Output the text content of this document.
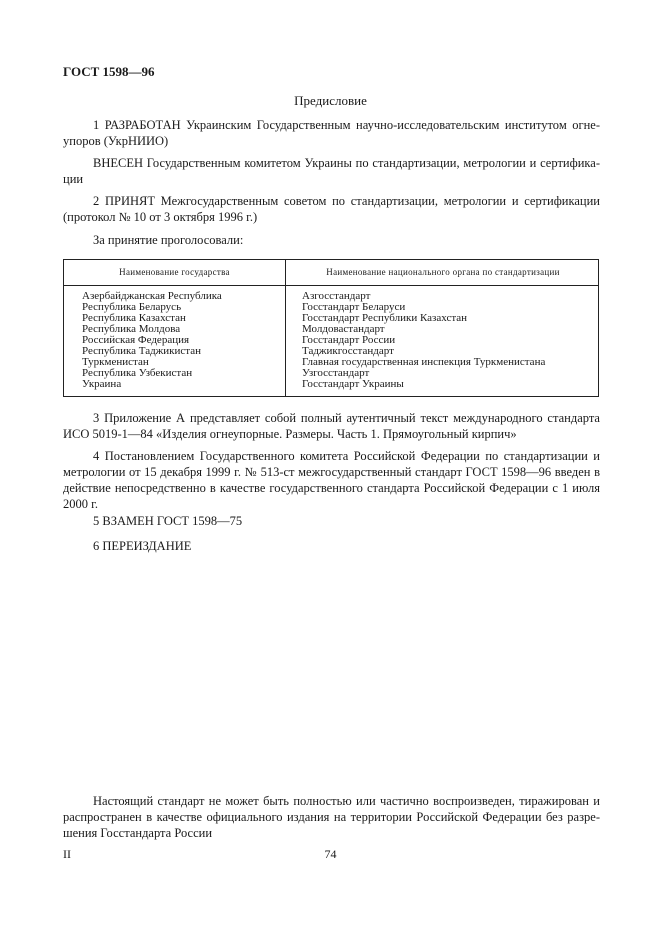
ГОСТ 1598—96
Предисловие
1 РАЗРАБОТАН Украинским Государственным научно-исследовательским институтом огнеупоров (УкрНИИО)
ВНЕСЕН Государственным комитетом Украины по стандартизации, метрологии и сертификации
2 ПРИНЯТ Межгосударственным советом по стандартизации, метрологии и сертификации (протокол № 10 от 3 октября 1996 г.)
За принятие проголосовали:
Наименование государства	Наименование национального органа по стандартизации
Азербайджанская Республика
Республика Беларусь
Республика Казахстан
Республика Молдова
Российская Федерация
Республика Таджикистан
Туркменистан
Республика Узбекистан
Украина
Азгосстандарт
Госстандарт Беларуси
Госстандарт Республики Казахстан
Молдовастандарт
Госстандарт России
Таджикгосстандарт
Главная государственная инспекция Туркменистана
Узгосстандарт
Госстандарт Украины
3 Приложение А представляет собой полный аутентичный текст международного стандарта ИСО 5019-1—84 «Изделия огнеупорные. Размеры. Часть 1. Прямоугольный кирпич»
4 Постановлением Государственного комитета Российской Федерации по стандартизации и метрологии от 15 декабря 1999 г. № 513-ст межгосударственный стандарт ГОСТ 1598—96 введен в действие непосредственно в качестве государственного стандарта Российской Федерации с 1 июля 2000 г.
5 ВЗАМЕН ГОСТ 1598—75
6 ПЕРЕИЗДАНИЕ
Настоящий стандарт не может быть полностью или частично воспроизведен, тиражирован и распространен в качестве официального издания на территории Российской Федерации без разрешения Госстандарта России
II	74
